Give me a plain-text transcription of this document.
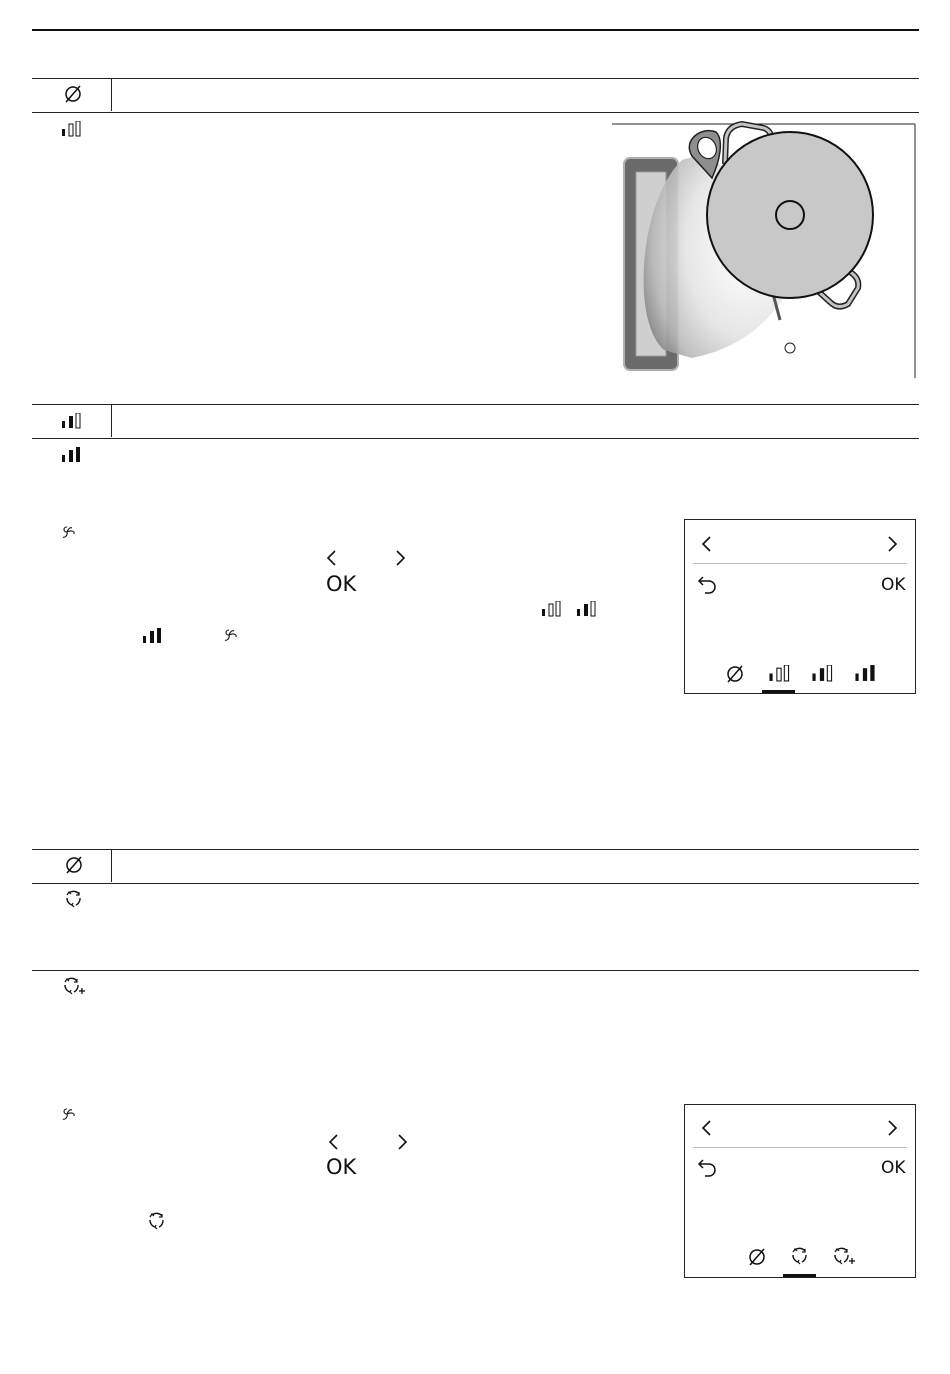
OK	OK
OK	OK
